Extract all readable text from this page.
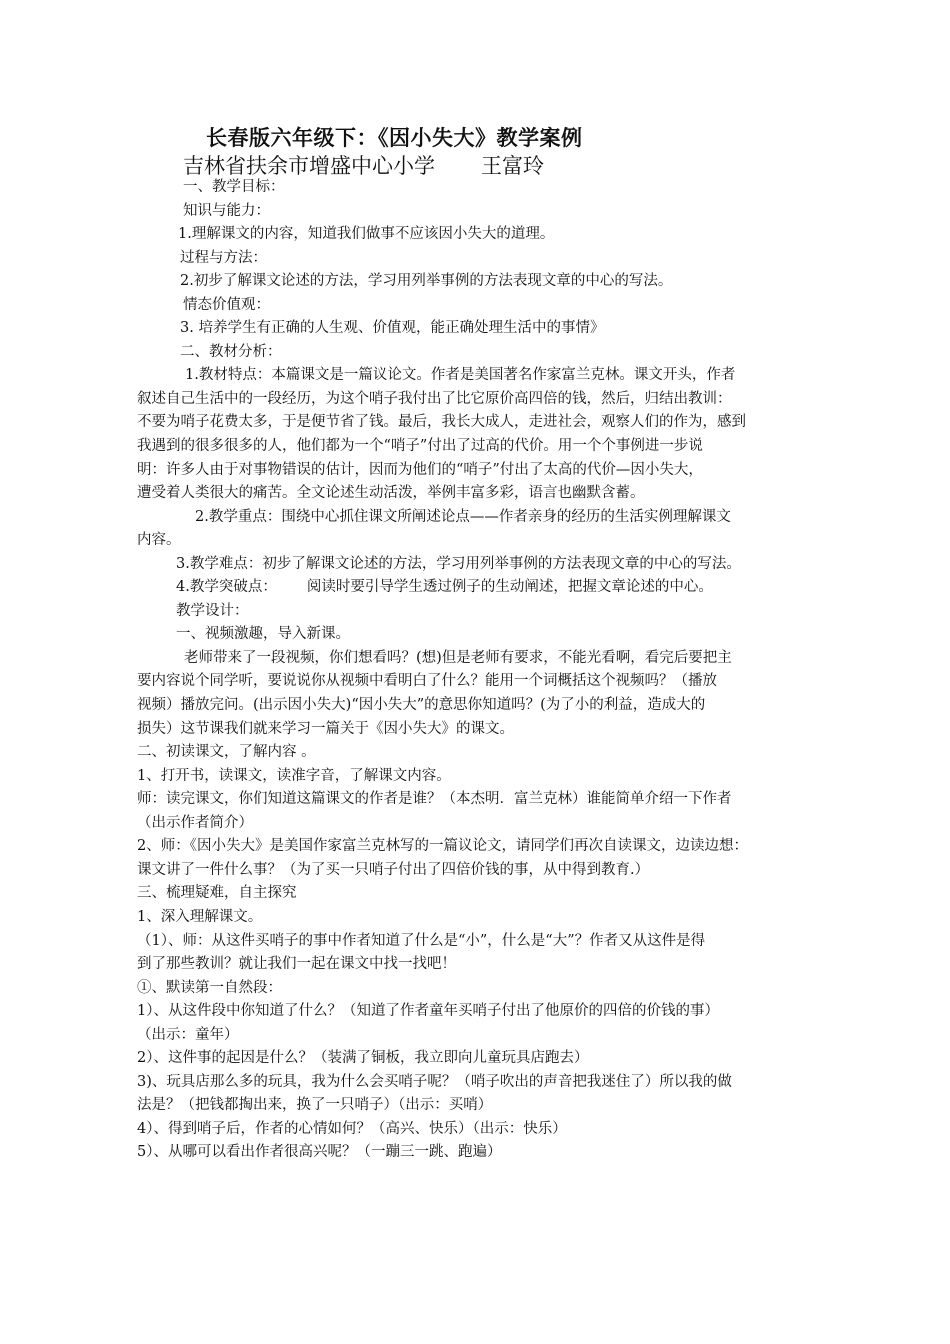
长春版六年级下：《因小失大》教学案例
吉林省扶余市增盛中心小学 王富玲

一、教学目标：

知识与能力：

1.理解课文的内容，知道我们做事不应该因小失大的道理。

过程与方法：

2.初步了解课文论述的方法，学习用列举事例的方法表现文章的中心的写法。

情态价值观：

3. 培养学生有正确的人生观、价值观，能正确处理生活中的事情》

二、教材分析：

1.教材特点：本篇课文是一篇议论文。作者是美国著名作家富兰克林。课文开头，作者

叙述自己生活中的一段经历，为这个哨子我付出了比它原价高四倍的钱，然后，归结出教训：

不要为哨子花费太多，于是便节省了钱。最后，我长大成人，走进社会，观察人们的作为，感到

我遇到的很多很多的人，他们都为一个“哨子”付出了过高的代价。用一个个事例进一步说

明：许多人由于对事物错误的估计，因而为他们的“哨子”付出了太高的代价—因小失大，

遭受着人类很大的痛苦。全文论述生动活泼，举例丰富多彩，语言也幽默含蓄。

2.教学重点：围绕中心抓住课文所阐述论点——作者亲身的经历的生活实例理解课文

内容。

3.教学难点：初步了解课文论述的方法，学习用列举事例的方法表现文章的中心的写法。

4.教学突破点： 阅读时要引导学生透过例子的生动阐述，把握文章论述的中心。

教学设计：

一、视频激趣，导入新课。

老师带来了一段视频，你们想看吗？(想)但是老师有要求，不能光看啊，看完后要把主

要内容说个同学听，要说说你从视频中看明白了什么？能用一个词概括这个视频吗？（播放

视频）播放完问。(出示因小失大)“因小失大”的意思你知道吗？(为了小的利益，造成大的

损失）这节课我们就来学习一篇关于《因小失大》的课文。

二、初读课文，了解内容 。

1、打开书，读课文，读准字音，了解课文内容。

师：读完课文，你们知道这篇课文的作者是谁？（本杰明．富兰克林）谁能简单介绍一下作者

（出示作者简介）

2、师：《因小失大》是美国作家富兰克林写的一篇议论文，请同学们再次自读课文，边读边想：

课文讲了一件什么事？（为了买一只哨子付出了四倍价钱的事，从中得到教育.）

三、梳理疑难，自主探究

1、深入理解课文。

（1）、师：从这件买哨子的事中作者知道了什么是“小”，什么是“大”？作者又从这件是得

到了那些教训？就让我们一起在课文中找一找吧！

①、默读第一自然段：

1）、从这件段中你知道了什么？（知道了作者童年买哨子付出了他原价的四倍的价钱的事）

（出示：童年）

2）、这件事的起因是什么？（装满了铜板，我立即向儿童玩具店跑去）

3)、玩具店那么多的玩具，我为什么会买哨子呢？（哨子吹出的声音把我迷住了）所以我的做

法是？（把钱都掏出来，换了一只哨子）（出示：买哨）

4）、得到哨子后，作者的心情如何？（高兴、快乐）（出示：快乐）

5）、从哪可以看出作者很高兴呢？（一蹦三一跳、跑遍）
